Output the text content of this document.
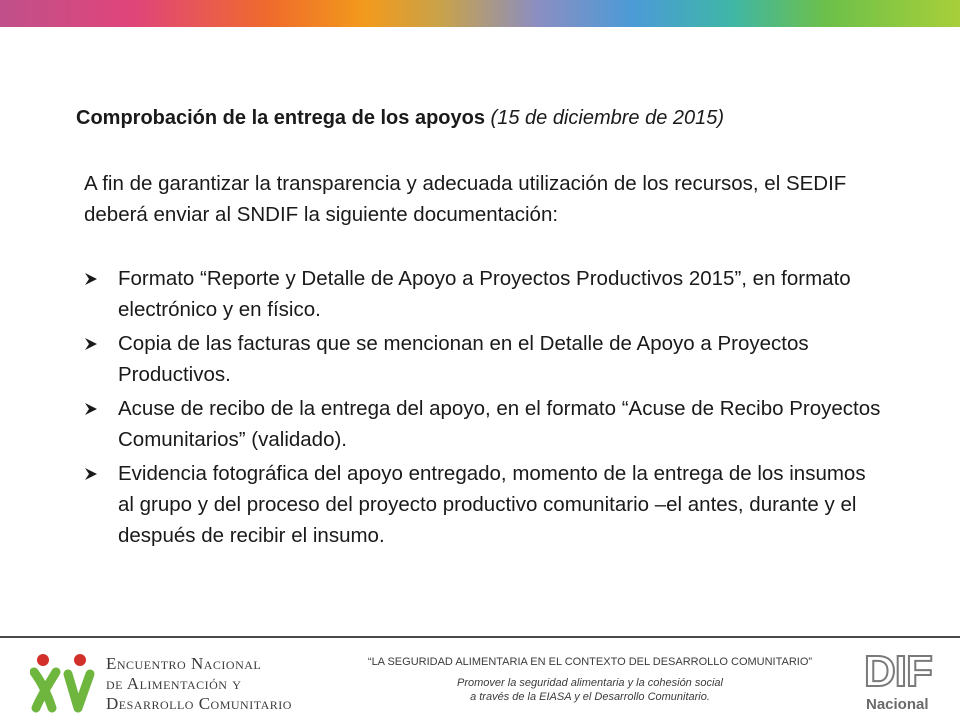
Comprobación de la entrega de los apoyos (15 de diciembre de 2015)

A fin de garantizar la transparencia y adecuada utilización de los recursos, el SEDIF deberá enviar al SNDIF la siguiente documentación:

Formato “Reporte y Detalle de Apoyo a Proyectos Productivos 2015”, en formato electrónico y en físico.
Copia de las facturas que se mencionan en el Detalle de Apoyo a Proyectos Productivos.
Acuse de recibo de la entrega del apoyo, en el formato “Acuse de Recibo Proyectos Comunitarios” (validado).
Evidencia fotográfica del apoyo entregado, momento de la entrega de los insumos al grupo y del proceso del proyecto productivo comunitario –el antes, durante y el después de recibir el insumo.

Encuentro Nacional
de Alimentación y
Desarrollo Comunitario

“LA SEGURIDAD ALIMENTARIA EN EL CONTEXTO DEL DESARROLLO COMUNITARIO”

Promover la seguridad alimentaria y la cohesión social
a través de la EIASA y el Desarrollo Comunitario.

DIF
Nacional
